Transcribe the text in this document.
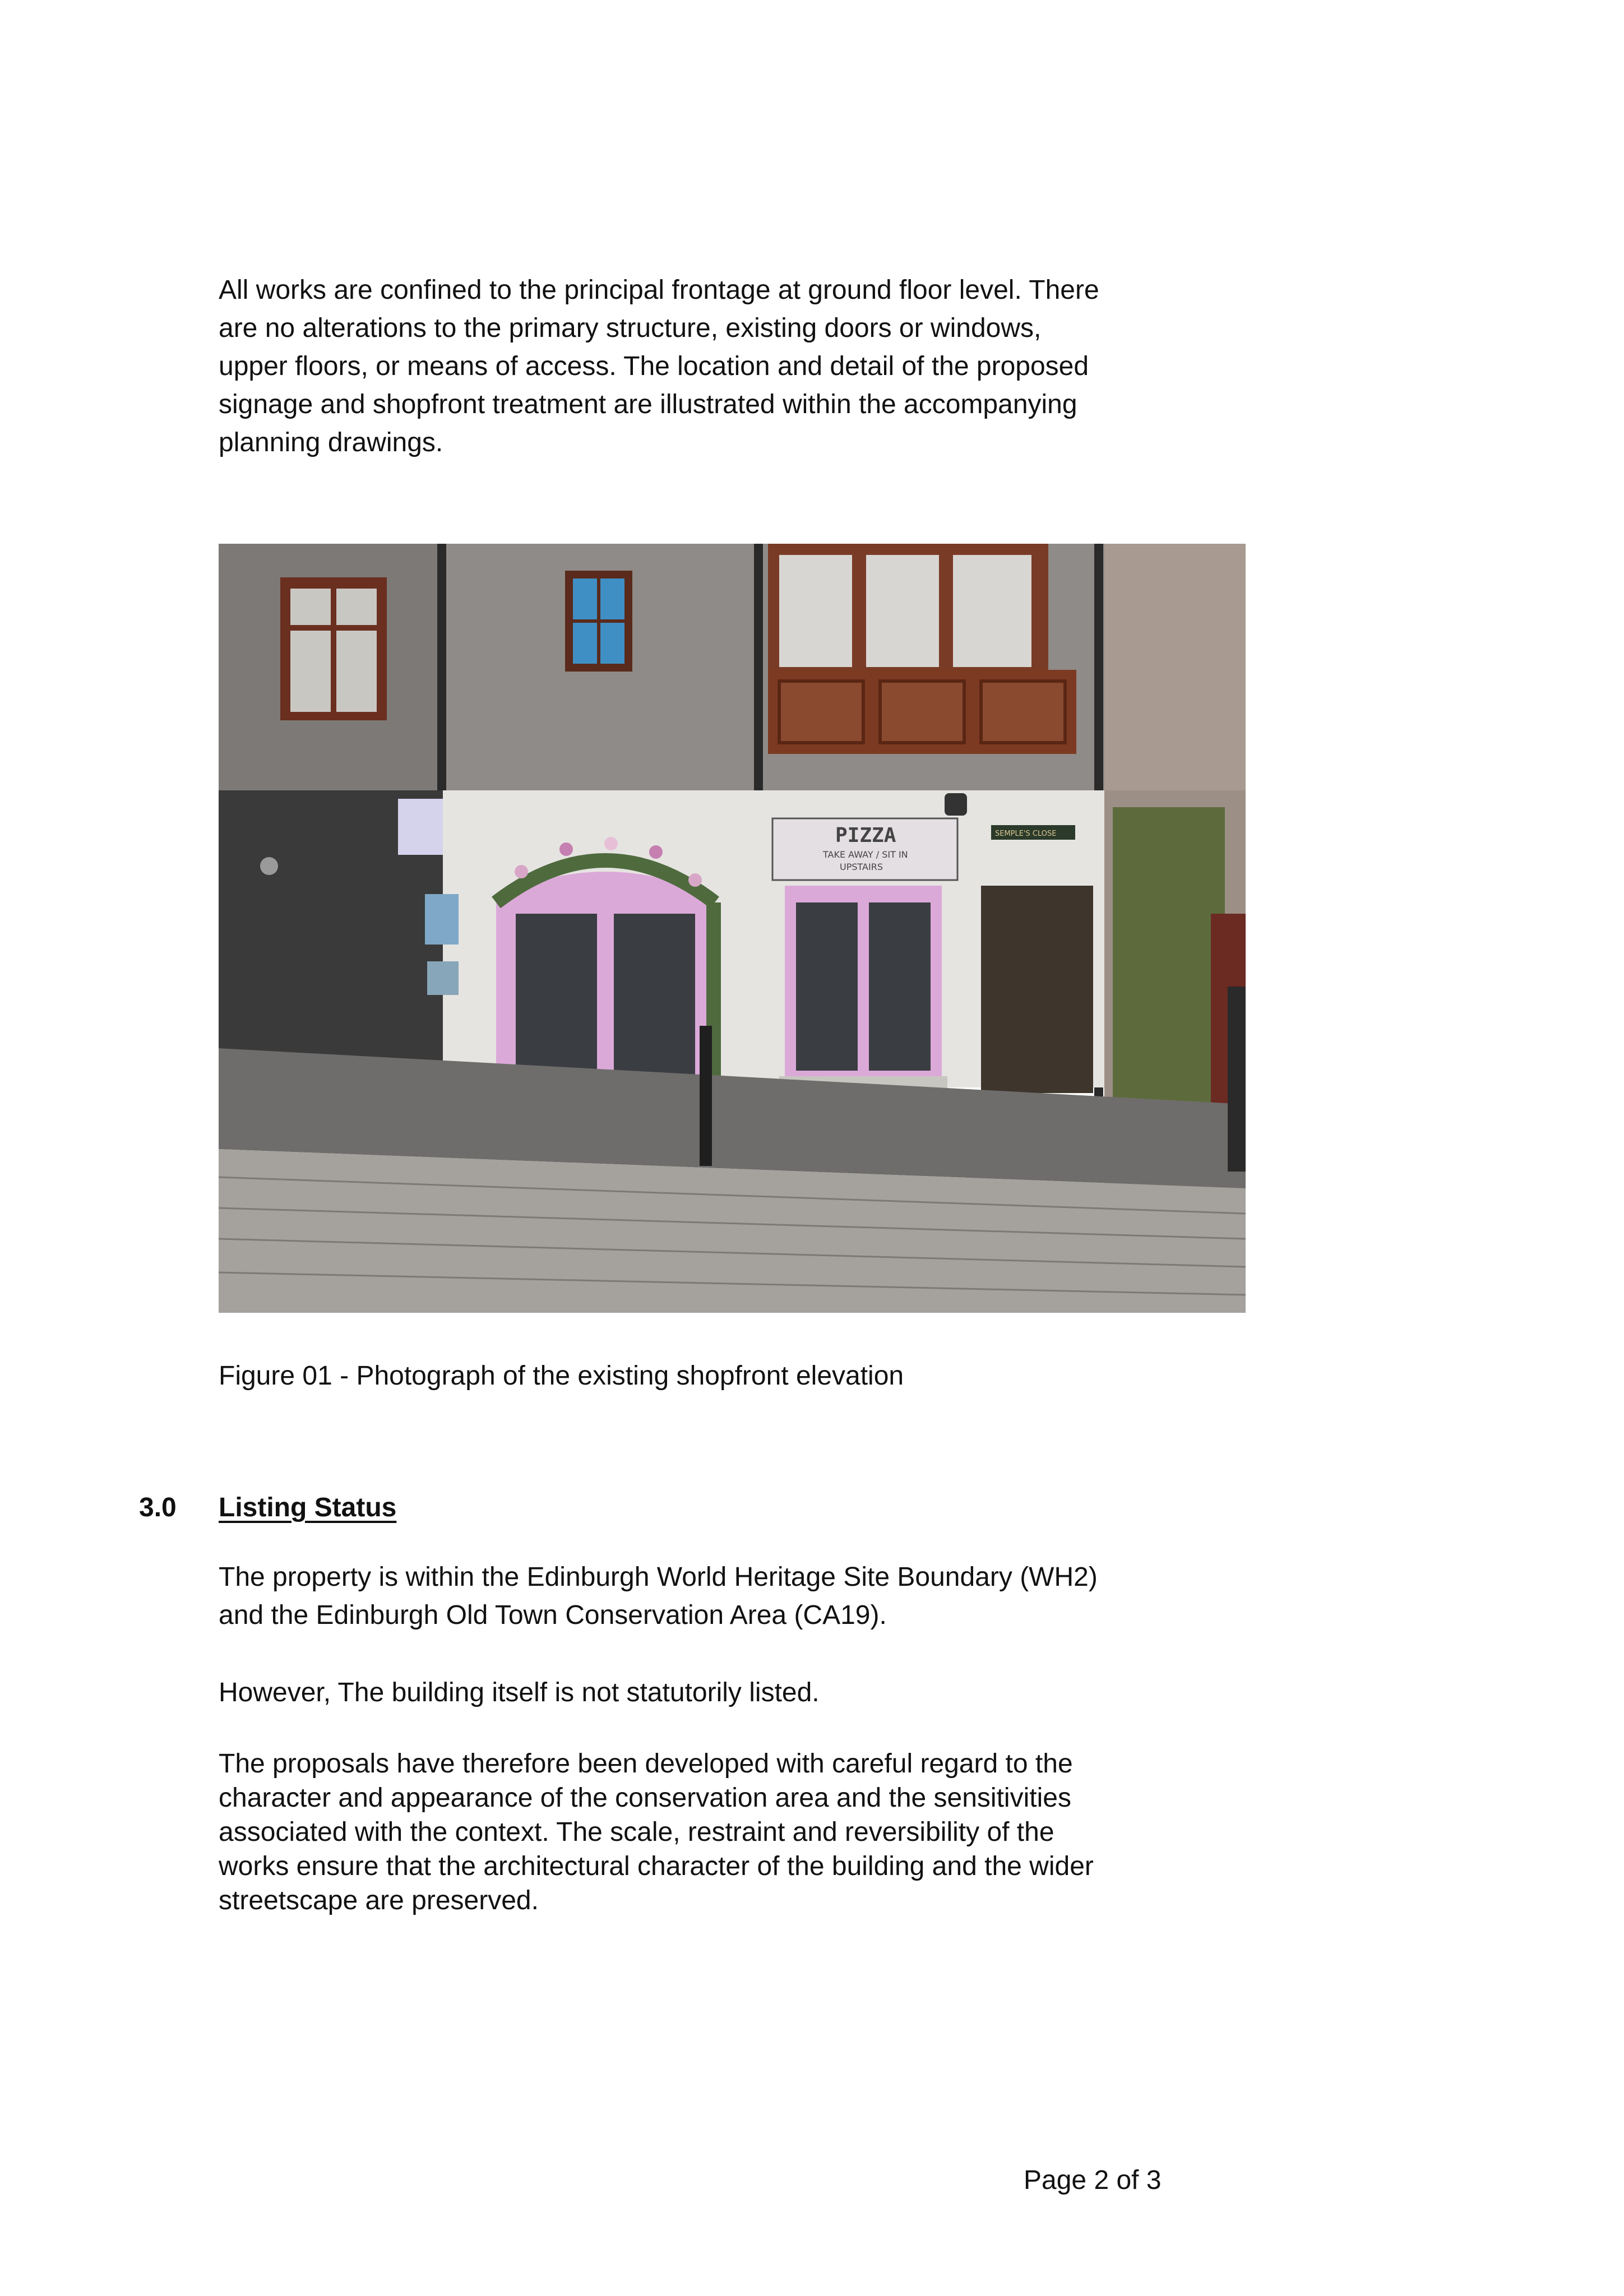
All works are confined to the principal frontage at ground floor level. There
are no alterations to the primary structure, existing doors or windows,
upper floors, or means of access. The location and detail of the proposed
signage and shopfront treatment are illustrated within the accompanying
planning drawings.
PIZZA
TAKE AWAY / SIT IN
UPSTAIRS
SEMPLE'S CLOSE
Figure 01 - Photograph of the existing shopfront elevation
3.0 Listing Status
The property is within the Edinburgh World Heritage Site Boundary (WH2)
and the Edinburgh Old Town Conservation Area (CA19).
However, The building itself is not statutorily listed.
The proposals have therefore been developed with careful regard to the
character and appearance of the conservation area and the sensitivities
associated with the context. The scale, restraint and reversibility of the
works ensure that the architectural character of the building and the wider
streetscape are preserved.
Page 2 of 3
